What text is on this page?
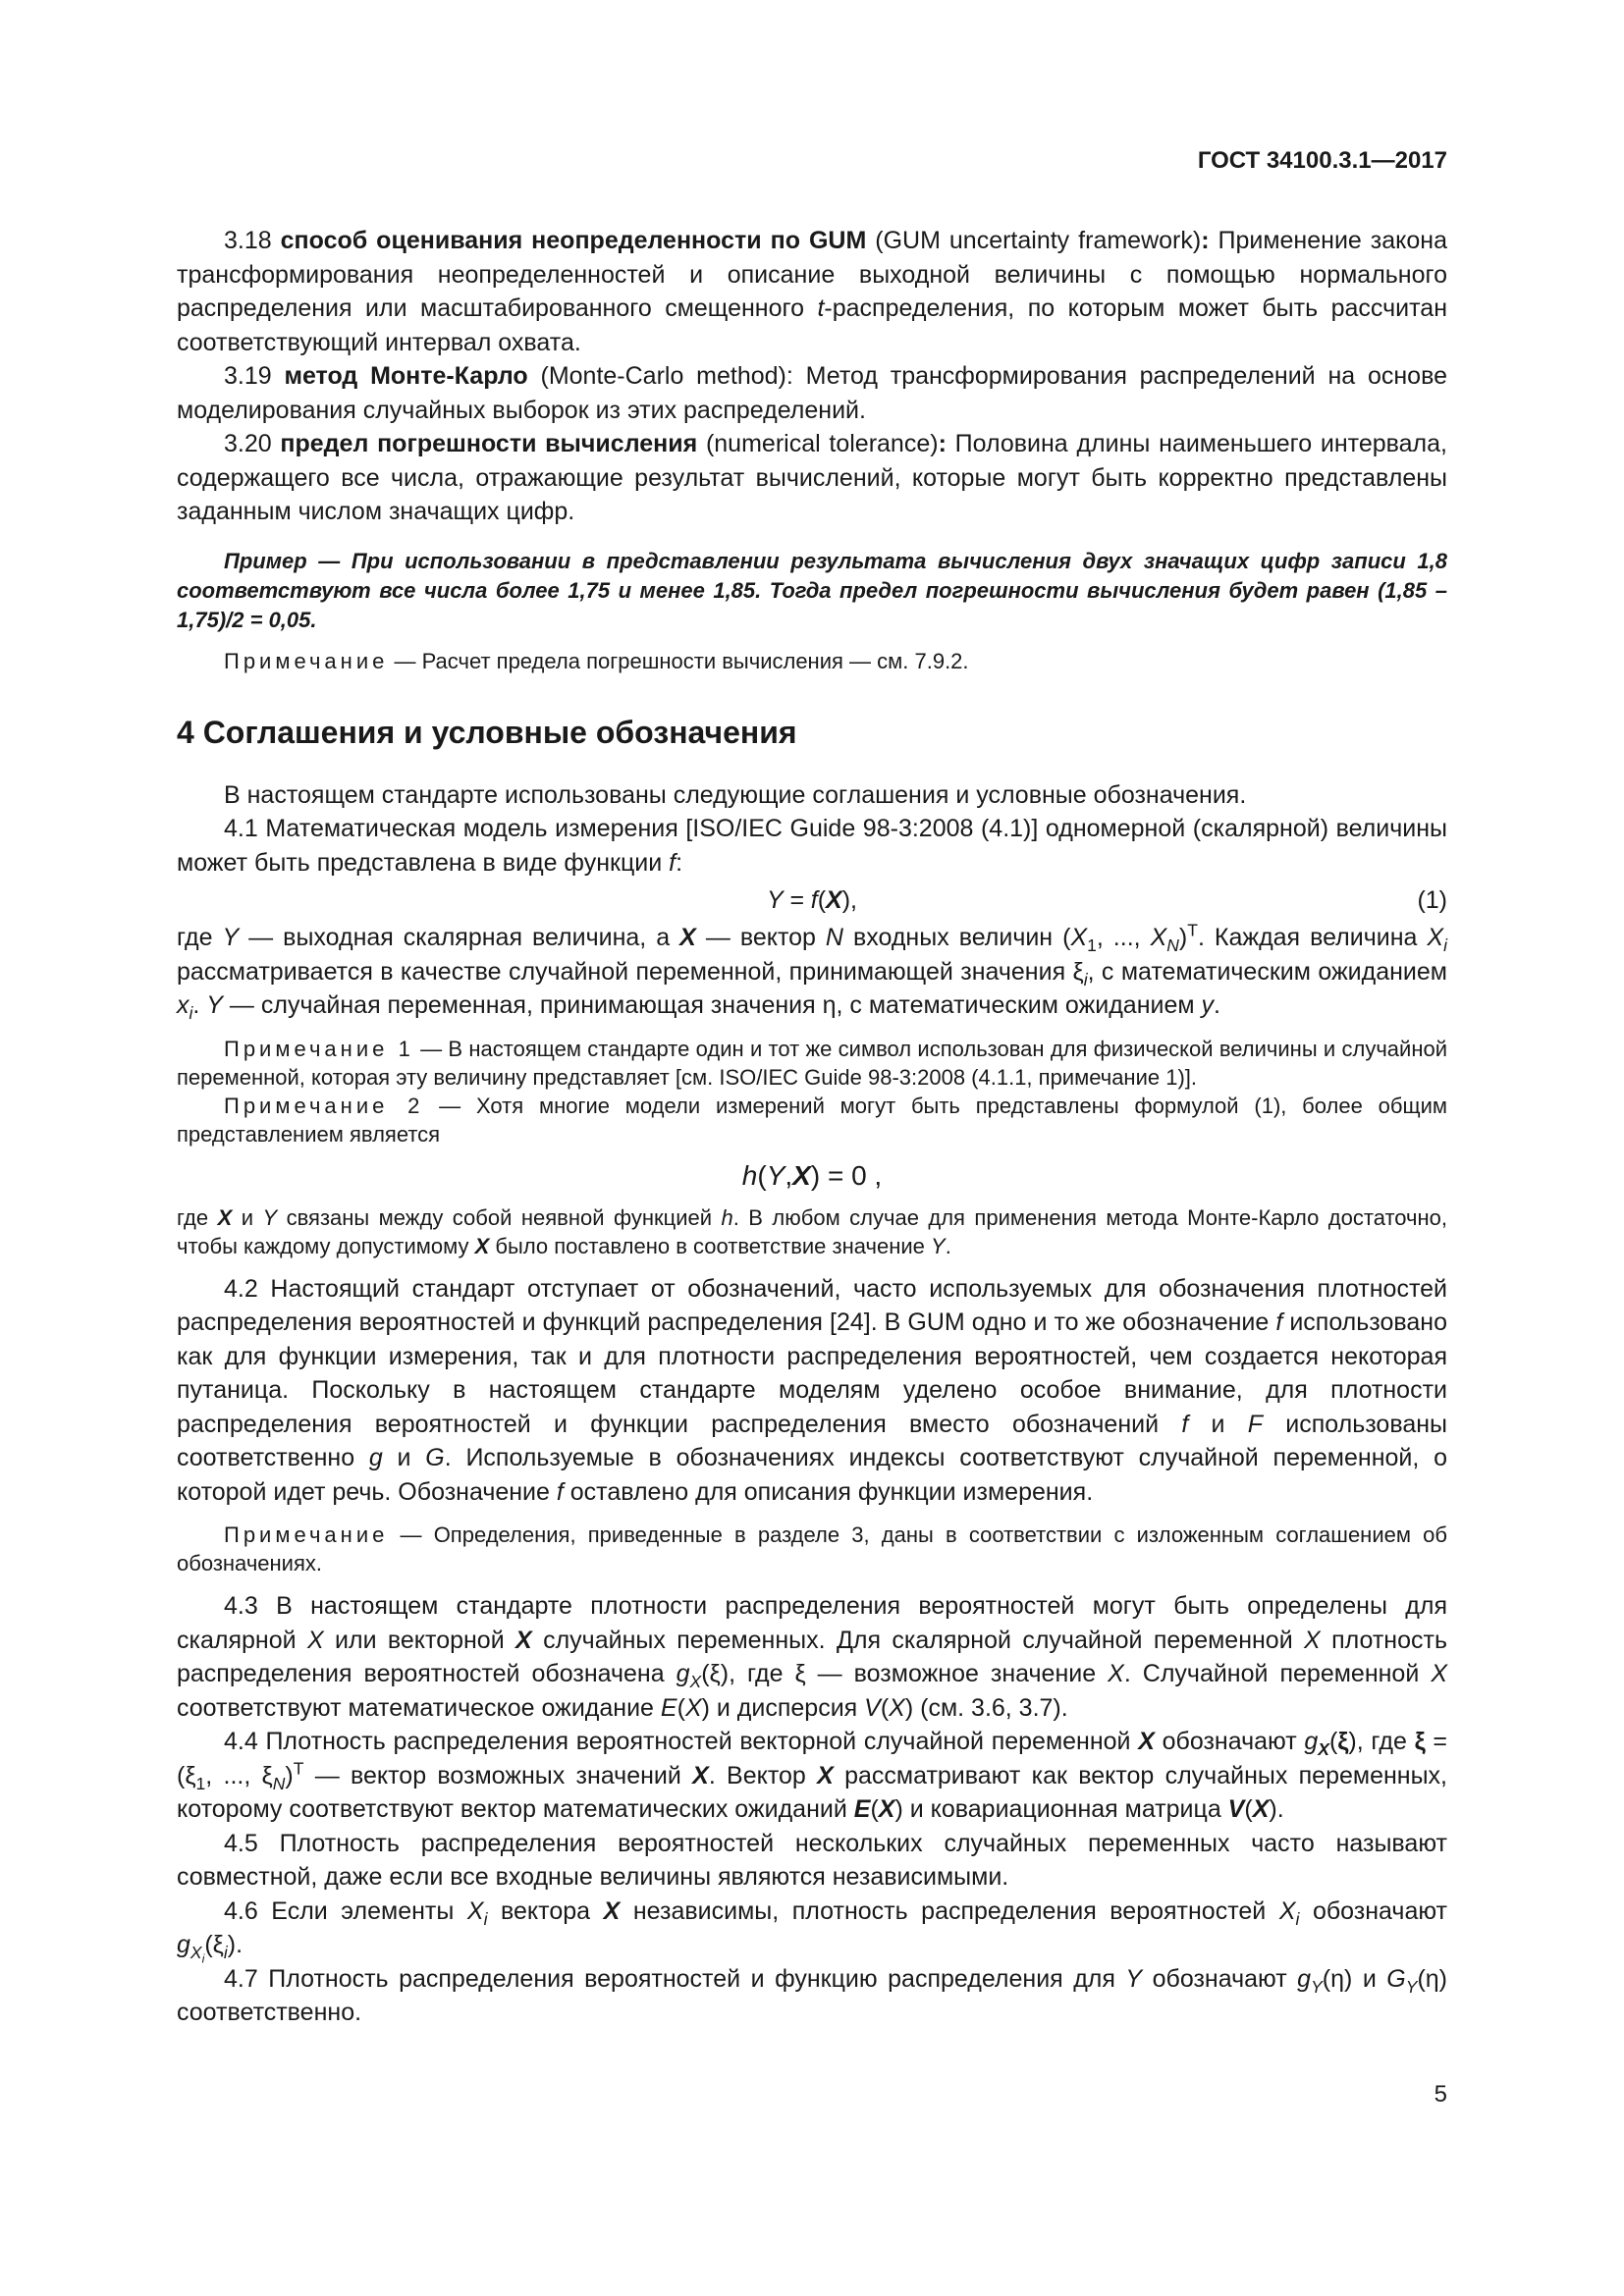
ГОСТ 34100.3.1—2017

3.18 способ оценивания неопределенности по GUM (GUM uncertainty framework): Применение закона трансформирования неопределенностей и описание выходной величины с помощью нормального распределения или масштабированного смещенного t-распределения, по которым может быть рассчитан соответствующий интервал охвата.

3.19 метод Монте-Карло (Monte-Carlo method): Метод трансформирования распределений на основе моделирования случайных выборок из этих распределений.

3.20 предел погрешности вычисления (numerical tolerance): Половина длины наименьшего интервала, содержащего все числа, отражающие результат вычислений, которые могут быть корректно представлены заданным числом значащих цифр.

Пример — При использовании в представлении результата вычисления двух значащих цифр записи 1,8 соответствуют все числа более 1,75 и менее 1,85. Тогда предел погрешности вычисления будет равен (1,85 – 1,75)/2 = 0,05.

Примечание — Расчет предела погрешности вычисления — см. 7.9.2.

4 Соглашения и условные обозначения

В настоящем стандарте использованы следующие соглашения и условные обозначения.

4.1 Математическая модель измерения [ISO/IEC Guide 98-3:2008 (4.1)] одномерной (скалярной) величины может быть представлена в виде функции f:

Y = f(X),	(1)

где Y — выходная скалярная величина, а X — вектор N входных величин ($X_1$, ..., $X_N)^T$. Каждая величина $X_i$ рассматривается в качестве случайной переменной, принимающей значения $\xi_i$, с математическим ожиданием $x_i$. Y — случайная переменная, принимающая значения η, с математическим ожиданием y.

Примечание 1 — В настоящем стандарте один и тот же символ использован для физической величины и случайной переменной, которая эту величину представляет [см. ISO/IEC Guide 98-3:2008 (4.1.1, примечание 1)].

Примечание 2 — Хотя многие модели измерений могут быть представлены формулой (1), более общим представлением является

h(Y,X) = 0 ,

где X и Y связаны между собой неявной функцией h. В любом случае для применения метода Монте-Карло достаточно, чтобы каждому допустимому X было поставлено в соответствие значение Y.

4.2 Настоящий стандарт отступает от обозначений, часто используемых для обозначения плотностей распределения вероятностей и функций распределения [24]. В GUM одно и то же обозначение f использовано как для функции измерения, так и для плотности распределения вероятностей, чем создается некоторая путаница. Поскольку в настоящем стандарте моделям уделено особое внимание, для плотности распределения вероятностей и функции распределения вместо обозначений f и F использованы соответственно g и G. Используемые в обозначениях индексы соответствуют случайной переменной, о которой идет речь. Обозначение f оставлено для описания функции измерения.

Примечание — Определения, приведенные в разделе 3, даны в соответствии с изложенным соглашением об обозначениях.

4.3 В настоящем стандарте плотности распределения вероятностей могут быть определены для скалярной X или векторной X случайных переменных. Для скалярной случайной переменной X плотность распределения вероятностей обозначена $g_X(\xi)$, где ξ — возможное значение X. Случайной переменной X соответствуют математическое ожидание E(X) и дисперсия V(X) (см. 3.6, 3.7).

4.4 Плотность распределения вероятностей векторной случайной переменной X обозначают $g_X(\xi)$, где $\xi = (\xi_1$, ..., $\xi_N)^T$ — вектор возможных значений X. Вектор X рассматривают как вектор случайных переменных, которому соответствуют вектор математических ожиданий E(X) и ковариационная матрица V(X).

4.5 Плотность распределения вероятностей нескольких случайных переменных часто называют совместной, даже если все входные величины являются независимыми.

4.6 Если элементы $X_i$ вектора X независимы, плотность распределения вероятностей $X_i$ обозначают $g_{X_i}(\xi_i)$.

4.7 Плотность распределения вероятностей и функцию распределения для Y обозначают $g_Y(\eta)$ и $G_Y(\eta)$ соответственно.

5
